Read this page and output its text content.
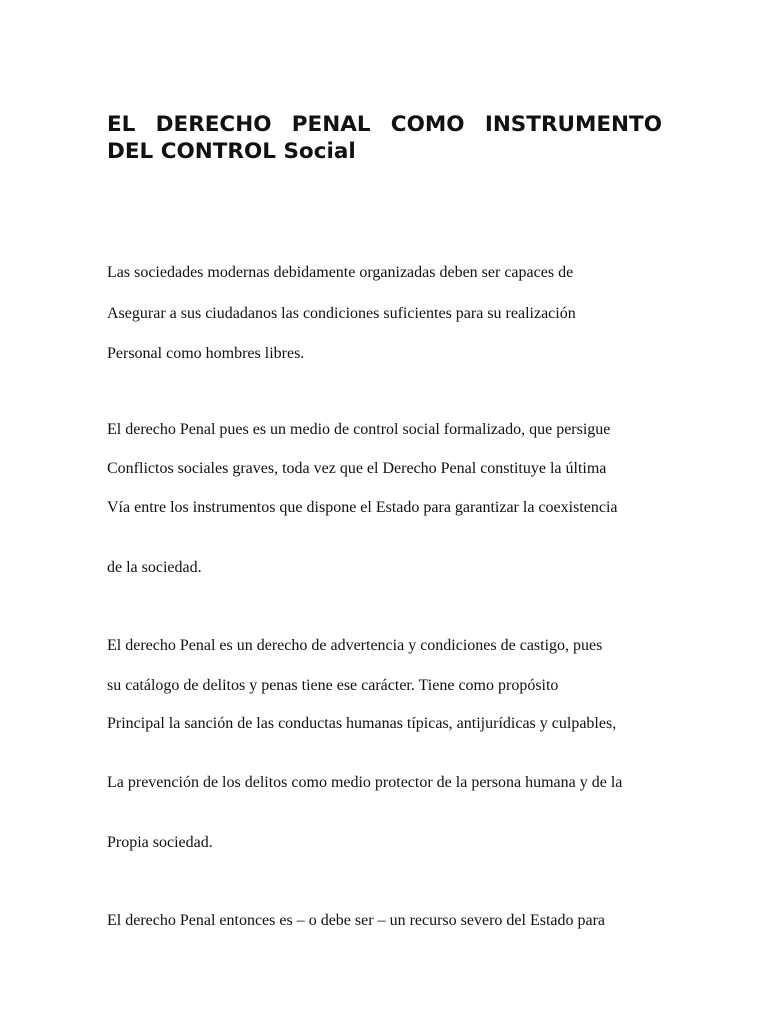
EL DERECHO PENAL COMO INSTRUMENTO
DEL CONTROL Social

Las sociedades modernas debidamente organizadas deben ser capaces de

Asegurar a sus ciudadanos las condiciones suficientes para su realización

Personal como hombres libres.

El derecho Penal pues es un medio de control social formalizado, que persigue

Conflictos sociales graves, toda vez que el Derecho Penal constituye la última

Vía entre los instrumentos que dispone el Estado para garantizar la coexistencia

de la sociedad.

El derecho Penal es un derecho de advertencia y condiciones de castigo, pues

su catálogo de delitos y penas tiene ese carácter. Tiene como propósito

Principal la sanción de las conductas humanas típicas, antijurídicas y culpables,

La prevención de los delitos como medio protector de la persona humana y de la

Propia sociedad.

El derecho Penal entonces es – o debe ser – un recurso severo del Estado para
